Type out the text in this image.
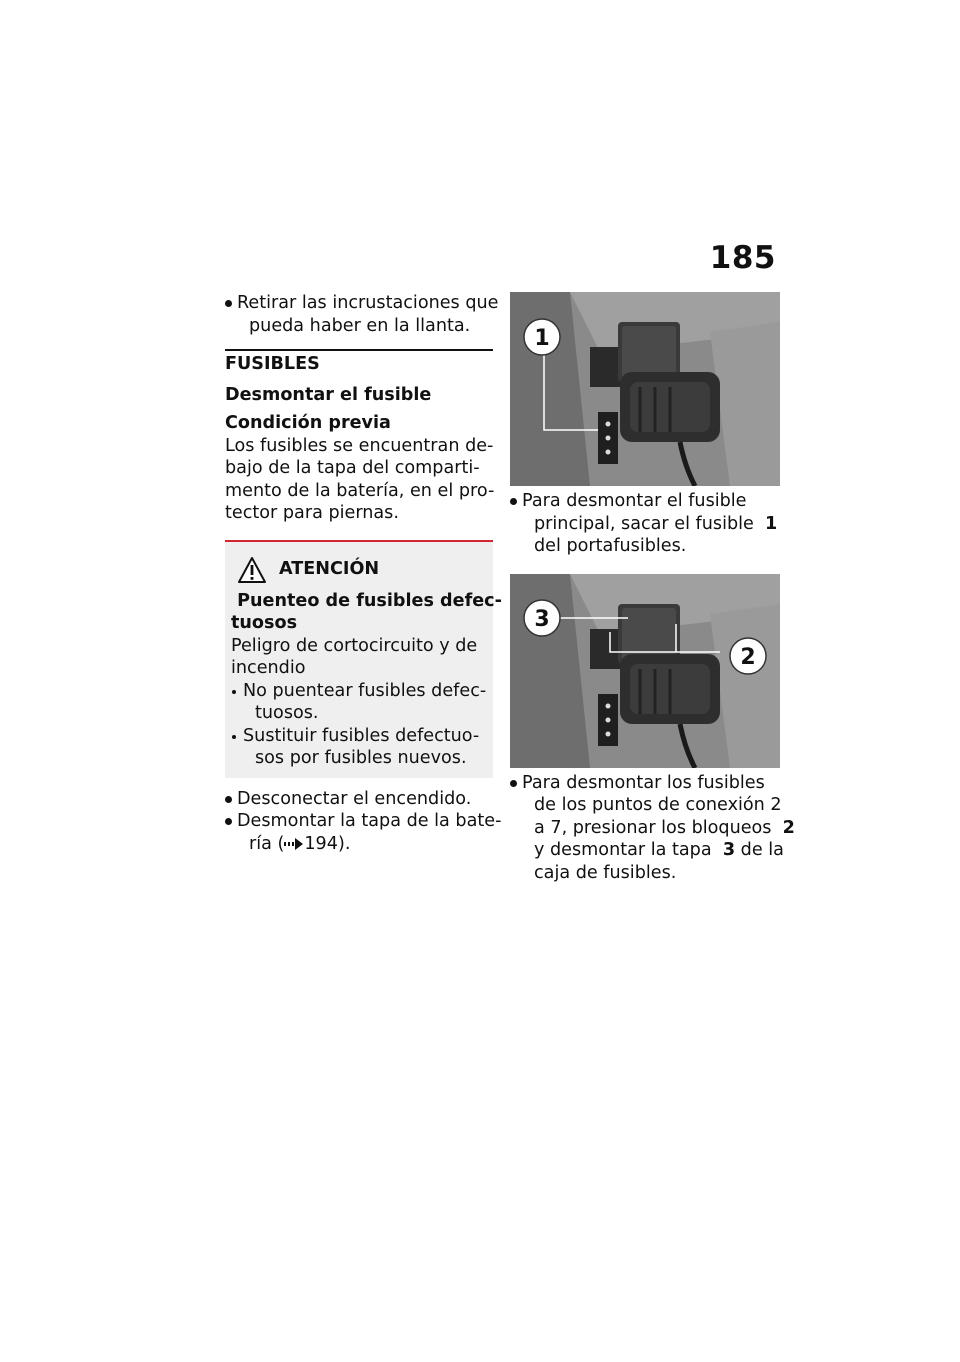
185
Retirar las incrustaciones que
pueda haber en la llanta.
FUSIBLES
Desmontar el fusible
Condición previa
Los fusibles se encuentran de-
bajo de la tapa del comparti-
mento de la batería, en el pro-
tector para piernas.
ATENCIÓN
Puenteo de fusibles defec-
tuosos
Peligro de cortocircuito y de
incendio
No puentear fusibles defec-
tuosos.
Sustituir fusibles defectuo-
sos por fusibles nuevos.
Desconectar el encendido.
Desmontar la tapa de la bate-
ría ( 194).
1
Para desmontar el fusible
principal, sacar el fusible  1
del portafusibles.
3
2
Para desmontar los fusibles
de los puntos de conexión 2
a 7, presionar los bloqueos  2
y desmontar la tapa  3 de la
caja de fusibles.
